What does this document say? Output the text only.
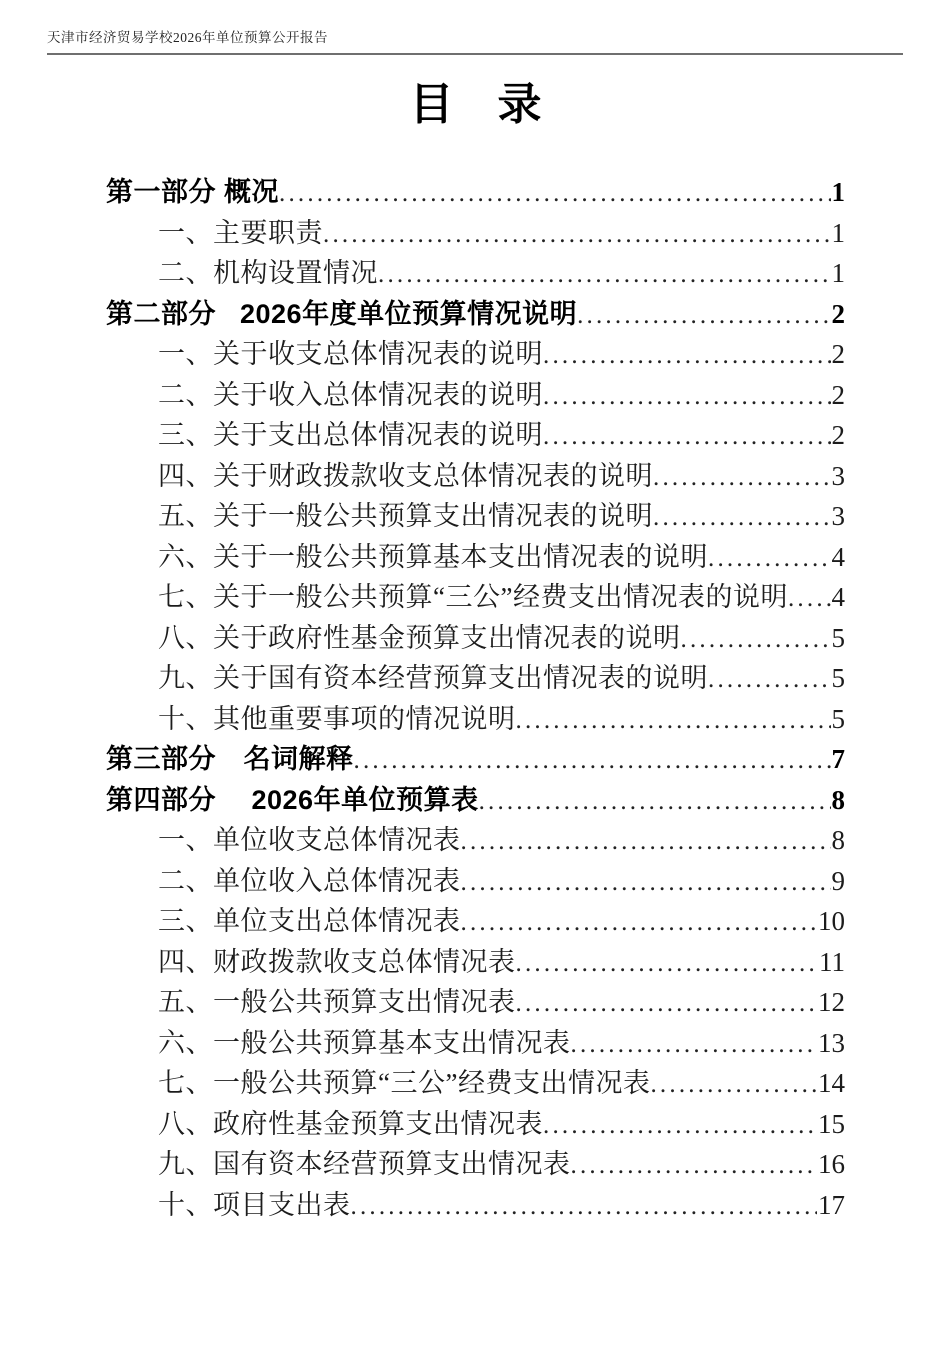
天津市经济贸易学校2026年单位预算公开报告
目　录
第一部分 概况 .....	1
一、主要职责 .....	1
二、机构设置情况 .....	1
第二部分   2026年度单位预算情况说明 .....	2
一、关于收支总体情况表的说明 .....	2
二、关于收入总体情况表的说明 .....	2
三、关于支出总体情况表的说明 .....	2
四、关于财政拨款收支总体情况表的说明 .....	3
五、关于一般公共预算支出情况表的说明 .....	3
六、关于一般公共预算基本支出情况表的说明 .....	4
七、关于一般公共预算“三公”经费支出情况表的说明 ..... 4
八、关于政府性基金预算支出情况表的说明 .....	5
九、关于国有资本经营预算支出情况表的说明 .....	5
十、其他重要事项的情况说明 .....	5
第三部分　名词解释 .....	7
第四部分　 2026年单位预算表 .....	8
一、单位收支总体情况表 .....	8
二、单位收入总体情况表 .....	9
三、单位支出总体情况表 .....	10
四、财政拨款收支总体情况表 .....	11
五、一般公共预算支出情况表 .....	12
六、一般公共预算基本支出情况表 .....	13
七、一般公共预算“三公”经费支出情况表 .....	14
八、政府性基金预算支出情况表 .....	15
九、国有资本经营预算支出情况表 .....	16
十、项目支出表 .....	17
